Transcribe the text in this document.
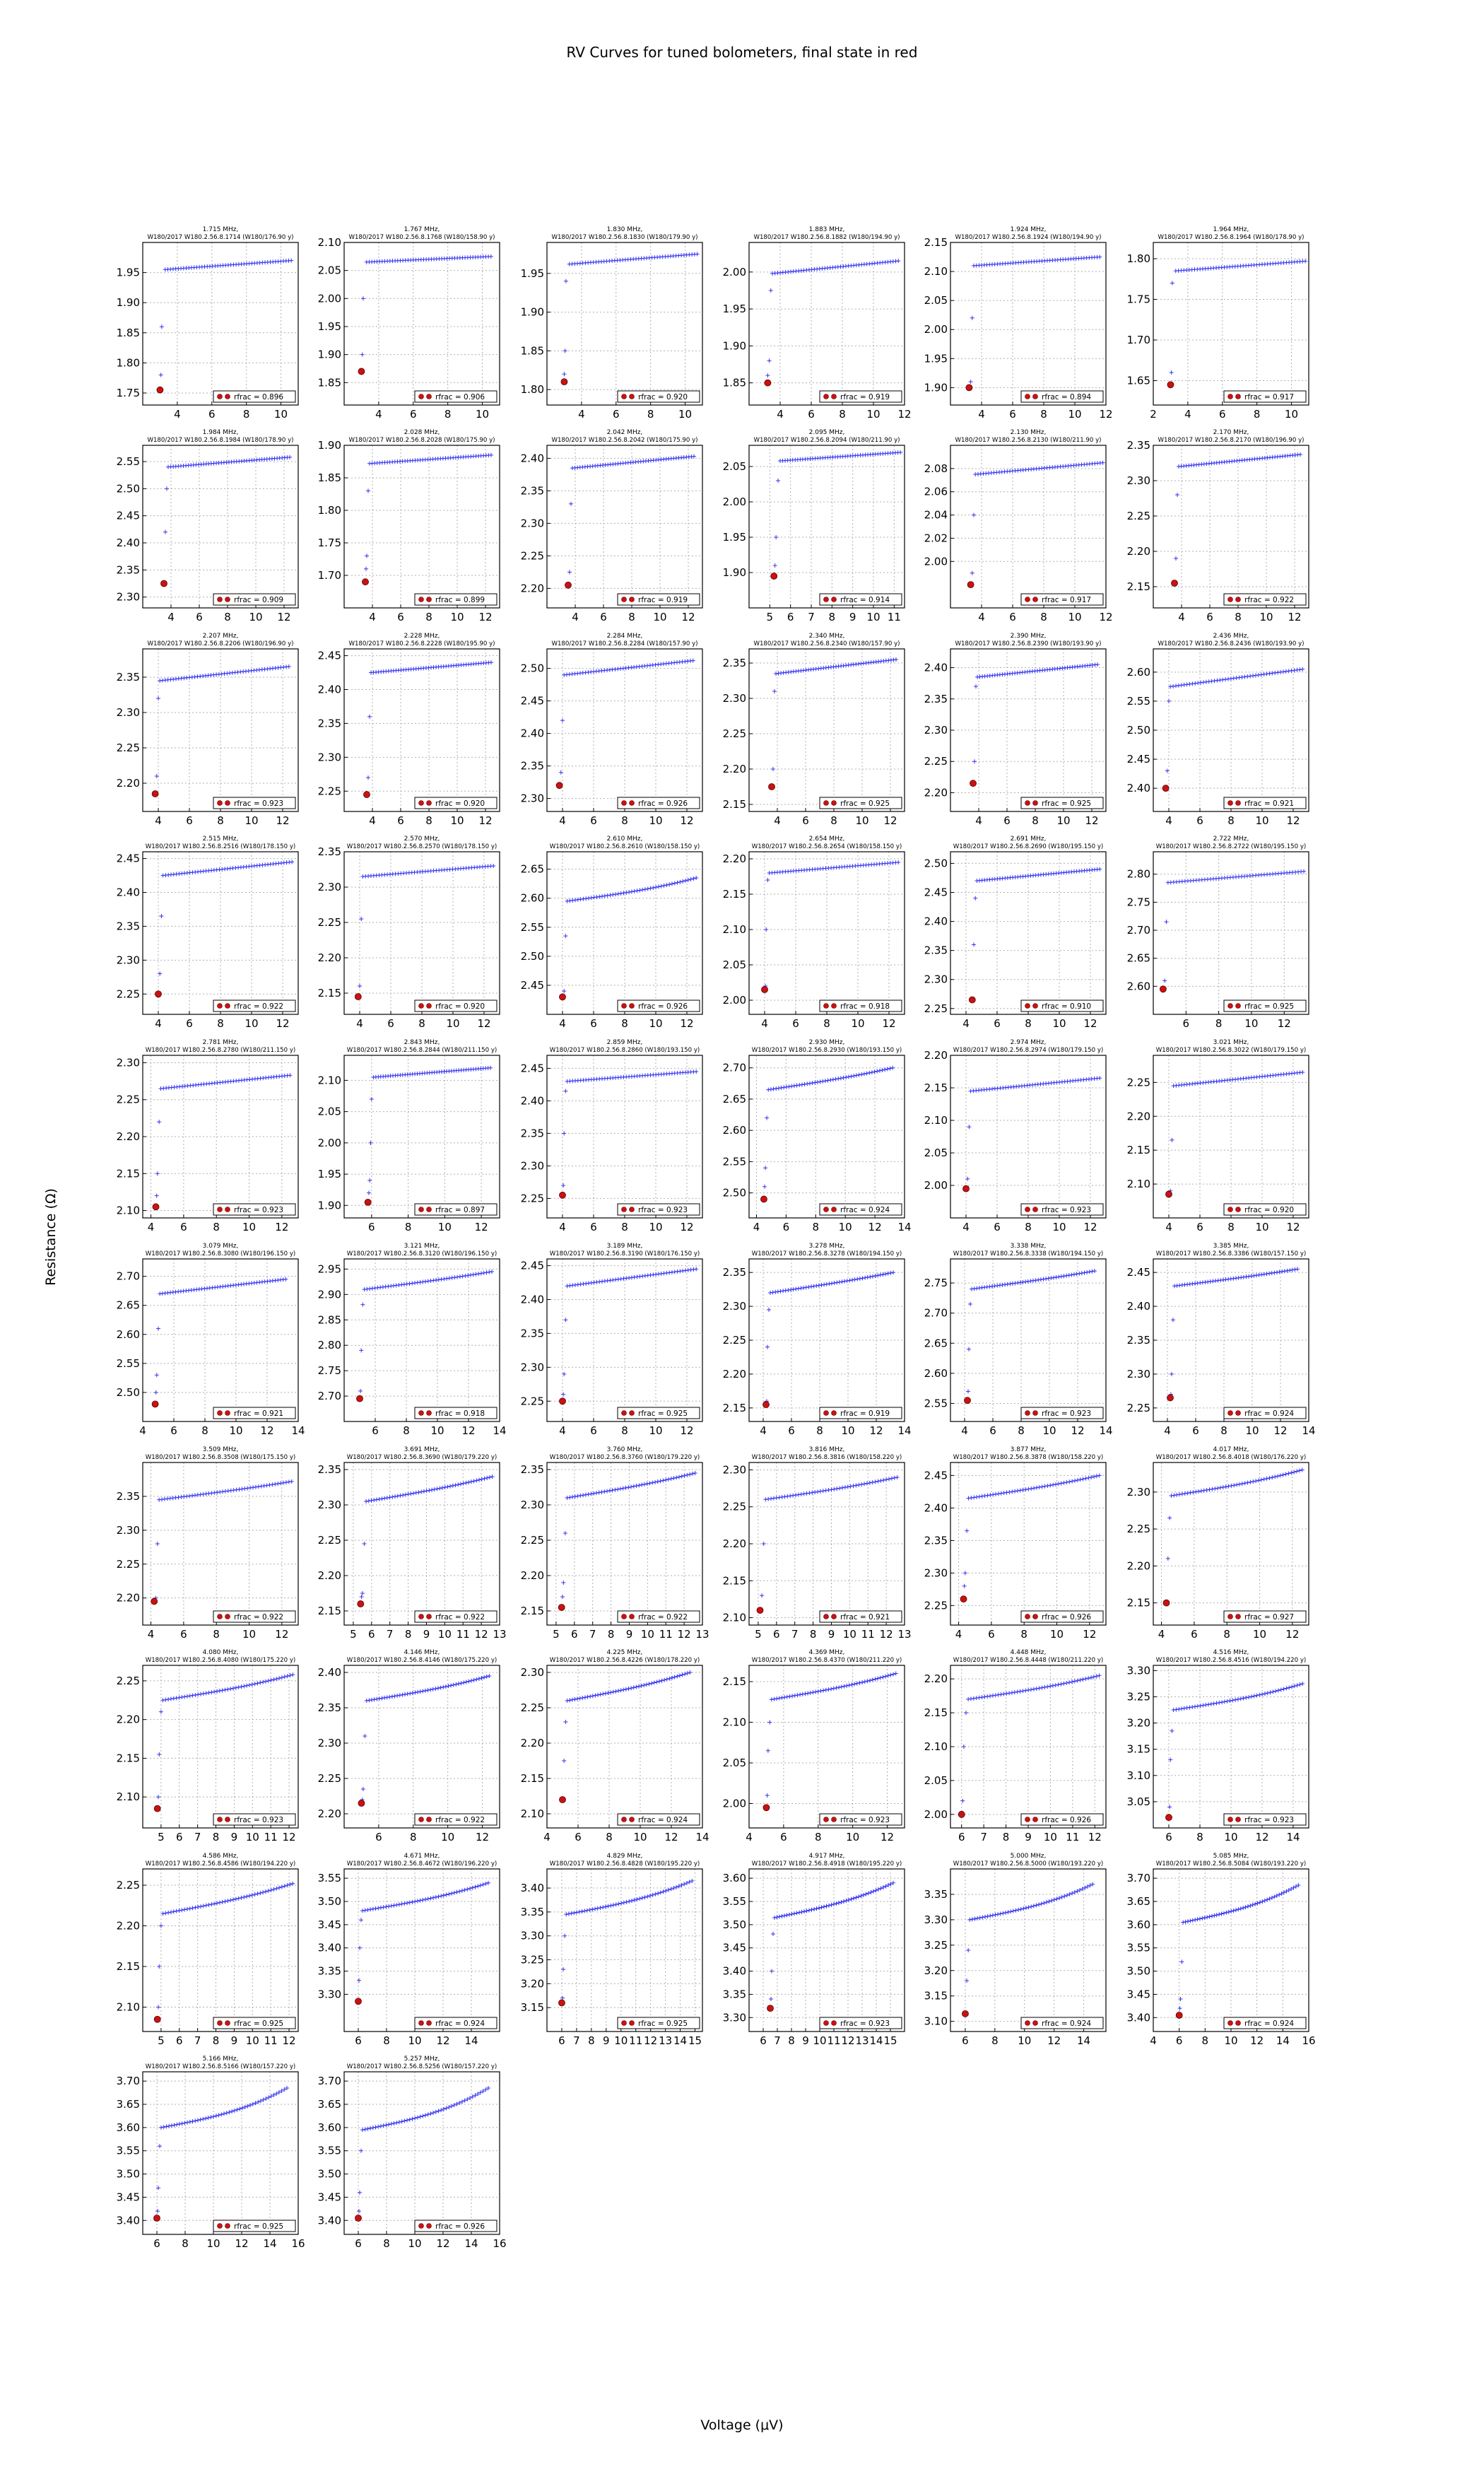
RV Curves for tuned bolometers, final state in red
Resistance (Ω)
Voltage (μV)
1.715 MHz,
W180/2017 W180.2.56.8.1714 (W180/176.90 y)
4	6	8 10
1.75
1.80
1.85
1.90
1.95
rfrac = 0.896
1.767 MHz,
W180/2017 W180.2.56.8.1768 (W180/158.90 y)
4	6	8 10
1.85
1.90
1.95
2.00
2.05
2.10
rfrac = 0.906
1.830 MHz,
W180/2017 W180.2.56.8.1830 (W180/179.90 y)
4	6	8 10
1.80
1.85
1.90
1.95
rfrac = 0.920
1.883 MHz,
W180/2017 W180.2.56.8.1882 (W180/194.90 y)
4 6 8 10 12
1.85
1.90
1.95
2.00
rfrac = 0.919
1.924 MHz,
W180/2017 W180.2.56.8.1924 (W180/194.90 y)
4 6 8 10 12
1.90
1.95
2.00
2.05
2.10
2.15
rfrac = 0.894
1.964 MHz,
W180/2017 W180.2.56.8.1964 (W180/178.90 y)
2	4	6	8 10
1.65
1.70
1.75
1.80
rfrac = 0.917
1.984 MHz,
W180/2017 W180.2.56.8.1984 (W180/178.90 y)
4 6 8 10 12
2.30
2.35
2.40
2.45
2.50
2.55
rfrac = 0.909
2.028 MHz,
W180/2017 W180.2.56.8.2028 (W180/175.90 y)
4 6 8 10 12
1.70
1.75
1.80
1.85
1.90
rfrac = 0.899
2.042 MHz,
W180/2017 W180.2.56.8.2042 (W180/175.90 y)
4 6 8 10 12
2.20
2.25
2.30
2.35
2.40
rfrac = 0.919
2.095 MHz,
W180/2017 W180.2.56.8.2094 (W180/211.90 y)
5 6 7 8 9 10 11
1.90
1.95
2.00
2.05
rfrac = 0.914
2.130 MHz,
W180/2017 W180.2.56.8.2130 (W180/211.90 y)
4 6 8 10 12
2.00
2.02
2.04
2.06
2.08
rfrac = 0.917
2.170 MHz,
W180/2017 W180.2.56.8.2170 (W180/196.90 y)
4 6 8 10 12
2.15
2.20
2.25
2.30
2.35
rfrac = 0.922
2.207 MHz,
W180/2017 W180.2.56.8.2206 (W180/196.90 y)
4 6 8 10 12
2.20
2.25
2.30
2.35
rfrac = 0.923
2.228 MHz,
W180/2017 W180.2.56.8.2228 (W180/195.90 y)
4 6 8 10 12
2.25
2.30
2.35
2.40
2.45
rfrac = 0.920
2.284 MHz,
W180/2017 W180.2.56.8.2284 (W180/157.90 y)
4 6 8 10 12
2.30
2.35
2.40
2.45
2.50
rfrac = 0.926
2.340 MHz,
W180/2017 W180.2.56.8.2340 (W180/157.90 y)
4 6 8 10 12
2.15
2.20
2.25
2.30
2.35
rfrac = 0.925
2.390 MHz,
W180/2017 W180.2.56.8.2390 (W180/193.90 y)
4 6 8 10 12
2.20
2.25
2.30
2.35
2.40
rfrac = 0.925
2.436 MHz,
W180/2017 W180.2.56.8.2436 (W180/193.90 y)
4 6 8 10 12
2.40
2.45
2.50
2.55
2.60
rfrac = 0.921
2.515 MHz,
W180/2017 W180.2.56.8.2516 (W180/178.150 y)
4 6 8 10 12
2.25
2.30
2.35
2.40
2.45
rfrac = 0.922
2.570 MHz,
W180/2017 W180.2.56.8.2570 (W180/178.150 y)
4 6 8 10 12
2.15
2.20
2.25
2.30
2.35
rfrac = 0.920
2.610 MHz,
W180/2017 W180.2.56.8.2610 (W180/158.150 y)
4 6 8 10 12
2.45
2.50
2.55
2.60
2.65
rfrac = 0.926
2.654 MHz,
W180/2017 W180.2.56.8.2654 (W180/158.150 y)
4 6 8 10 12
2.00
2.05
2.10
2.15
2.20
rfrac = 0.918
2.691 MHz,
W180/2017 W180.2.56.8.2690 (W180/195.150 y)
4 6 8 10 12
2.25
2.30
2.35
2.40
2.45
2.50
rfrac = 0.910
2.722 MHz,
W180/2017 W180.2.56.8.2722 (W180/195.150 y)
6 8 10 12
2.60
2.65
2.70
2.75
2.80
rfrac = 0.925
2.781 MHz,
W180/2017 W180.2.56.8.2780 (W180/211.150 y)
4 6 8 10 12
2.10
2.15
2.20
2.25
2.30
rfrac = 0.923
2.843 MHz,
W180/2017 W180.2.56.8.2844 (W180/211.150 y)
6	8 10 12
1.90
1.95
2.00
2.05
2.10
rfrac = 0.897
2.859 MHz,
W180/2017 W180.2.56.8.2860 (W180/193.150 y)
4 6 8 10 12
2.25
2.30
2.35
2.40
2.45
rfrac = 0.923
2.930 MHz,
W180/2017 W180.2.56.8.2930 (W180/193.150 y)
4 6 8 10 12 14
2.50
2.55
2.60
2.65
2.70
rfrac = 0.924
2.974 MHz,
W180/2017 W180.2.56.8.2974 (W180/179.150 y)
4 6 8 10 12
2.00
2.05
2.10
2.15
2.20
rfrac = 0.923
3.021 MHz,
W180/2017 W180.2.56.8.3022 (W180/179.150 y)
4 6 8 10 12
2.10
2.15
2.20
2.25
rfrac = 0.920
3.079 MHz,
W180/2017 W180.2.56.8.3080 (W180/196.150 y)
4 6 8 10 12 14
2.50
2.55
2.60
2.65
2.70
rfrac = 0.921
3.121 MHz,
W180/2017 W180.2.56.8.3120 (W180/196.150 y)
6 8 10 12 14
2.70
2.75
2.80
2.85
2.90
2.95
rfrac = 0.918
3.189 MHz,
W180/2017 W180.2.56.8.3190 (W180/176.150 y)
4 6 8 10 12
2.25
2.30
2.35
2.40
2.45
rfrac = 0.925
3.278 MHz,
W180/2017 W180.2.56.8.3278 (W180/194.150 y)
4 6 8 10 12 14
2.15
2.20
2.25
2.30
2.35
rfrac = 0.919
3.338 MHz,
W180/2017 W180.2.56.8.3338 (W180/194.150 y)
4 6 8 10 12 14
2.55
2.60
2.65
2.70
2.75
rfrac = 0.923
3.385 MHz,
W180/2017 W180.2.56.8.3386 (W180/157.150 y)
4 6 8 10 12 14
2.25
2.30
2.35
2.40
2.45
rfrac = 0.924
3.509 MHz,
W180/2017 W180.2.56.8.3508 (W180/175.150 y)
4 6 8 10 12
2.20
2.25
2.30
2.35
rfrac = 0.922
3.691 MHz,
W180/2017 W180.2.56.8.3690 (W180/179.220 y)
5 6 7 8 9 10 11 12 13
2.15
2.20
2.25
2.30
2.35
rfrac = 0.922
3.760 MHz,
W180/2017 W180.2.56.8.3760 (W180/179.220 y)
5 6 7 8 9 10 11 12 13
2.15
2.20
2.25
2.30
2.35
rfrac = 0.922
3.816 MHz,
W180/2017 W180.2.56.8.3816 (W180/158.220 y)
5 6 7 8 9 10 11 12 13
2.10
2.15
2.20
2.25
2.30
rfrac = 0.921
3.877 MHz,
W180/2017 W180.2.56.8.3878 (W180/158.220 y)
4 6 8 10 12
2.25
2.30
2.35
2.40
2.45
rfrac = 0.926
4.017 MHz,
W180/2017 W180.2.56.8.4018 (W180/176.220 y)
4 6 8 10 12
2.15
2.20
2.25
2.30
rfrac = 0.927
4.080 MHz,
W180/2017 W180.2.56.8.4080 (W180/175.220 y)
5 6 7 8 9 10 11 12
2.10
2.15
2.20
2.25
rfrac = 0.923
4.146 MHz,
W180/2017 W180.2.56.8.4146 (W180/175.220 y)
6	8 10 12
2.20
2.25
2.30
2.35
2.40
rfrac = 0.922
4.225 MHz,
W180/2017 W180.2.56.8.4226 (W180/178.220 y)
4 6 8 10 12 14
2.10
2.15
2.20
2.25
2.30
rfrac = 0.924
4.369 MHz,
W180/2017 W180.2.56.8.4370 (W180/211.220 y)
4	6	8 10 12
2.00
2.05
2.10
2.15
rfrac = 0.923
4.448 MHz,
W180/2017 W180.2.56.8.4448 (W180/211.220 y)
6 7 8 9 10 11 12
2.00
2.05
2.10
2.15
2.20
rfrac = 0.926
4.516 MHz,
W180/2017 W180.2.56.8.4516 (W180/194.220 y)
6 8 10 12 14
3.05
3.10
3.15
3.20
3.25
3.30
rfrac = 0.923
4.586 MHz,
W180/2017 W180.2.56.8.4586 (W180/194.220 y)
5 6 7 8 9 10 11 12
2.10
2.15
2.20
2.25
rfrac = 0.925
4.671 MHz,
W180/2017 W180.2.56.8.4672 (W180/196.220 y)
6 8 10 12 14
3.30
3.35
3.40
3.45
3.50
3.55
rfrac = 0.924
4.829 MHz,
W180/2017 W180.2.56.8.4828 (W180/195.220 y)
6 7 8 9 10 11 12 13 14 15
3.15
3.20
3.25
3.30
3.35
3.40
rfrac = 0.925
4.917 MHz,
W180/2017 W180.2.56.8.4918 (W180/195.220 y)
6 7 8 9 10 11 12 13 14 15
3.30
3.35
3.40
3.45
3.50
3.55
3.60
rfrac = 0.923
5.000 MHz,
W180/2017 W180.2.56.8.5000 (W180/193.220 y)
6 8 10 12 14
3.10
3.15
3.20
3.25
3.30
3.35
rfrac = 0.924
5.085 MHz,
W180/2017 W180.2.56.8.5084 (W180/193.220 y)
4 6 8 10 12 14 16
3.40
3.45
3.50
3.55
3.60
3.65
3.70
rfrac = 0.924
5.166 MHz,
W180/2017 W180.2.56.8.5166 (W180/157.220 y)
6 8 10 12 14 16
3.40
3.45
3.50
3.55
3.60
3.65
3.70
rfrac = 0.925
5.257 MHz,
W180/2017 W180.2.56.8.5256 (W180/157.220 y)
6 8 10 12 14 16
3.40
3.45
3.50
3.55
3.60
3.65
3.70
rfrac = 0.926
